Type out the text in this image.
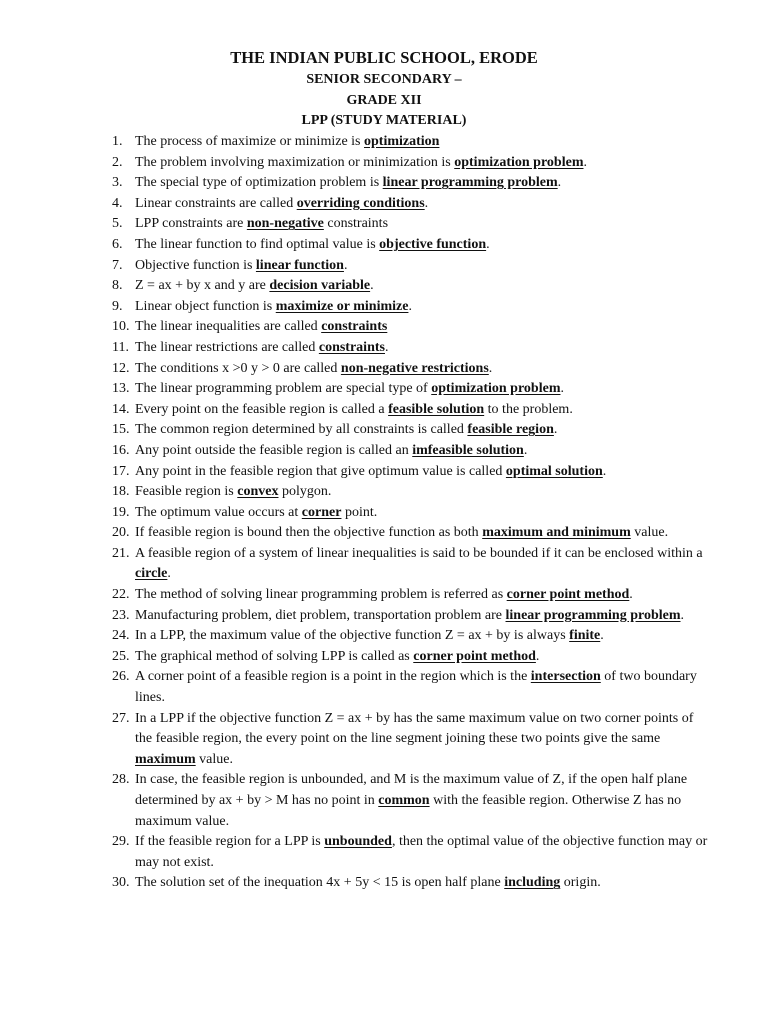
THE INDIAN PUBLIC SCHOOL, ERODE
SENIOR SECONDARY –
GRADE XII
LPP (STUDY MATERIAL)
1. The process of maximize or minimize is optimization
2. The problem involving maximization or minimization is optimization problem.
3. The special type of optimization problem is linear programming problem.
4. Linear constraints are called overriding conditions.
5. LPP constraints are non-negative constraints
6. The linear function to find optimal value is objective function.
7. Objective function is linear function.
8. Z = ax + by x and y are decision variable.
9. Linear object function is maximize or minimize.
10. The linear inequalities are called constraints
11. The linear restrictions are called constraints.
12. The conditions x >0 y > 0 are called non-negative restrictions.
13. The linear programming problem are special type of optimization problem.
14. Every point on the feasible region is called a feasible solution to the problem.
15. The common region determined by all constraints is called feasible region.
16. Any point outside the feasible region is called an imfeasible solution.
17. Any point in the feasible region that give optimum value is called optimal solution.
18. Feasible region is convex polygon.
19. The optimum value occurs at corner point.
20. If feasible region is bound then the objective function as both maximum and minimum value.
21. A feasible region of a system of linear inequalities is said to be bounded if it can be enclosed within a circle.
22. The method of solving linear programming problem is referred as corner point method.
23. Manufacturing problem, diet problem, transportation problem are linear programming problem.
24. In a LPP, the maximum value of the objective function Z = ax + by is always finite.
25. The graphical method of solving LPP is called as corner point method.
26. A corner point of a feasible region is a point in the region which is the intersection of two boundary lines.
27. In a LPP if the objective function Z = ax + by has the same maximum value on two corner points of the feasible region, the every point on the line segment joining these two points give the same maximum value.
28. In case, the feasible region is unbounded, and M is the maximum value of Z, if the open half plane determined by ax + by > M has no point in common with the feasible region. Otherwise Z has no maximum value.
29. If the feasible region for a LPP is unbounded, then the optimal value of the objective function may or may not exist.
30. The solution set of the inequation 4x + 5y < 15 is open half plane including origin.
